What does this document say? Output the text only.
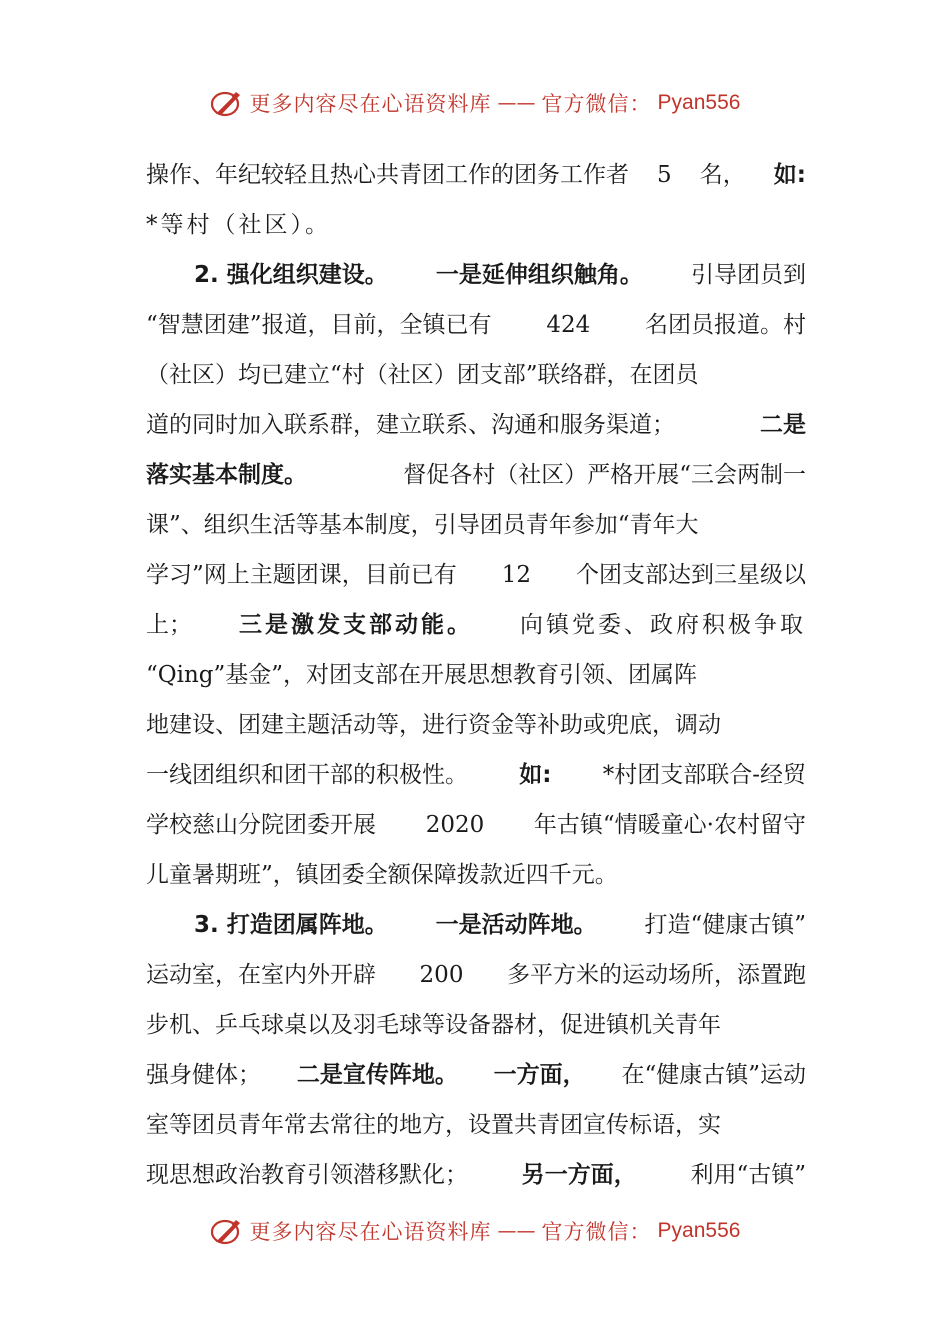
更多内容尽在心语资料库 —— 官方微信： Pyan556
操作、年纪较轻且热心共青团工作的团务工作者 5 名， 如:
*等村（社区）。
2. 强化组织建设。 一是延伸组织触角。 引导团员到
“智慧团建”报道，目前，全镇已有 424 名团员报道。村
（社区）均已建立“村（社区）团支部”联络群，在团员
道的同时加入联系群，建立联系、沟通和服务渠道；	二是
落实基本制度。	督促各村（社区）严格开展“三会两制一
课”、组织生活等基本制度，引导团员青年参加“青年大
学习”网上主题团课，目前已有 12 个团支部达到三星级以
上； 三是激发支部动能。 向镇党委、政府积极争取
“Qing”基金”，对团支部在开展思想教育引领、团属阵
地建设、团建主题活动等，进行资金等补助或兜底，调动
一线团组织和团干部的积极性。 如: *村团支部联合-经贸
学校慈山分院团委开展 2020 年古镇“情暖童心·农村留守
儿童暑期班”，镇团委全额保障拨款近四千元。
3. 打造团属阵地。 一是活动阵地。 打造“健康古镇”
运动室，在室内外开辟 200 多平方米的运动场所，添置跑
步机、乒乓球桌以及羽毛球等设备器材，促进镇机关青年
强身健体； 二是宣传阵地。 一方面， 在“健康古镇”运动
室等团员青年常去常往的地方，设置共青团宣传标语，实
现思想政治教育引领潜移默化； 另一方面， 利用“古镇”
更多内容尽在心语资料库 —— 官方微信： Pyan556
